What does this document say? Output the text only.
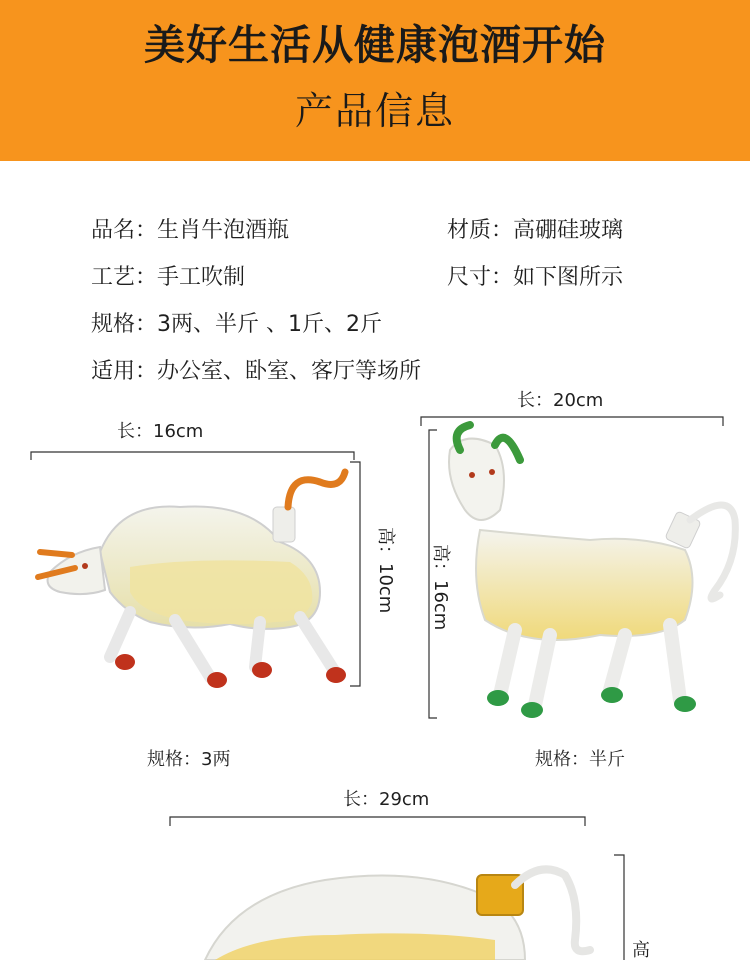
美好生活从健康泡酒开始
产品信息
品名：生肖牛泡酒瓶	材质：高硼硅玻璃
工艺：手工吹制	尺寸：如下图所示
规格：3两、半斤 、1斤、2斤
适用：办公室、卧室、客厅等场所
长：16cm
高：10cm
规格：3两
长：20cm
高：16cm
规格：半斤
长：29cm
高
